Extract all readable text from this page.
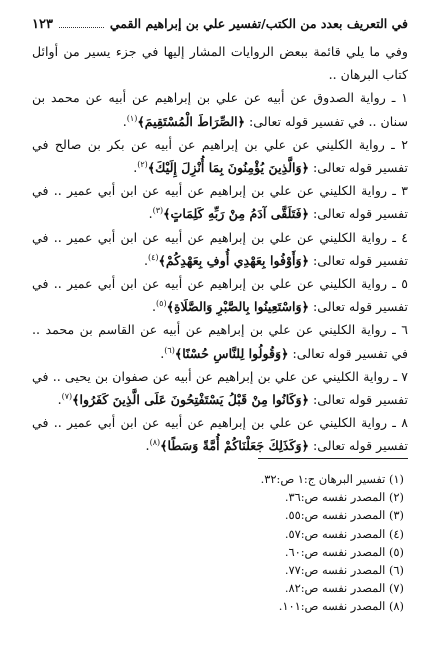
في التعريف بعدد من الكتب/تفسير علي بن إبراهيم القمي
١٢٣

وفي ما يلي قائمة ببعض الروايات المشار إليها في جزء يسير من أوائل كتاب البرهان ..

١ ـ رواية الصدوق عن أبيه عن علي بن إبراهيم عن أبيه عن محمد بن سنان .. في تفسير قوله تعالى: ﴿الصِّرَاطَ الْمُسْتَقِيمَ﴾$^{(١)}$.

٢ ـ رواية الكليني عن علي بن إبراهيم عن أبيه عن بكر بن صالح في تفسير قوله تعالى: ﴿وَالَّذِينَ يُؤْمِنُونَ بِمَا أُنْزِلَ إِلَيْكَ﴾$^{(٢)}$.

٣ ـ رواية الكليني عن علي بن إبراهيم عن أبيه عن ابن أبي عمير .. في تفسير قوله تعالى: ﴿فَتَلَقَّى آدَمُ مِنْ رَبِّهِ كَلِمَاتٍ﴾$^{(٣)}$.

٤ ـ رواية الكليني عن علي بن إبراهيم عن أبيه عن ابن أبي عمير .. في تفسير قوله تعالى: ﴿وَأَوْفُوا بِعَهْدِي أُوفِ بِعَهْدِكُمْ﴾$^{(٤)}$.

٥ ـ رواية الكليني عن علي بن إبراهيم عن أبيه عن ابن أبي عمير .. في تفسير قوله تعالى: ﴿وَاسْتَعِينُوا بِالصَّبْرِ وَالصَّلَاةِ﴾$^{(٥)}$.

٦ ـ رواية الكليني عن علي بن إبراهيم عن أبيه عن القاسم بن محمد .. في تفسير قوله تعالى: ﴿وَقُولُوا لِلنَّاسِ حُسْنًا﴾$^{(٦)}$.

٧ ـ رواية الكليني عن علي بن إبراهيم عن أبيه عن صفوان بن يحيى .. في تفسير قوله تعالى: ﴿وَكَانُوا مِنْ قَبْلُ يَسْتَفْتِحُونَ عَلَى الَّذِينَ كَفَرُوا﴾$^{(٧)}$.

٨ ـ رواية الكليني عن علي بن إبراهيم عن أبيه عن ابن أبي عمير .. في تفسير قوله تعالى: ﴿وَكَذَلِكَ جَعَلْنَاكُمْ أُمَّةً وَسَطًا﴾$^{(٨)}$.

(١) تفسير البرهان ج:١ ص:٣٢.
(٢) المصدر نفسه ص:٣٦.
(٣) المصدر نفسه ص:٥٥.
(٤) المصدر نفسه ص:٥٧.
(٥) المصدر نفسه ص:٦٠.
(٦) المصدر نفسه ص:٧٧.
(٧) المصدر نفسه ص:٨٢.
(٨) المصدر نفسه ص:١٠١.
